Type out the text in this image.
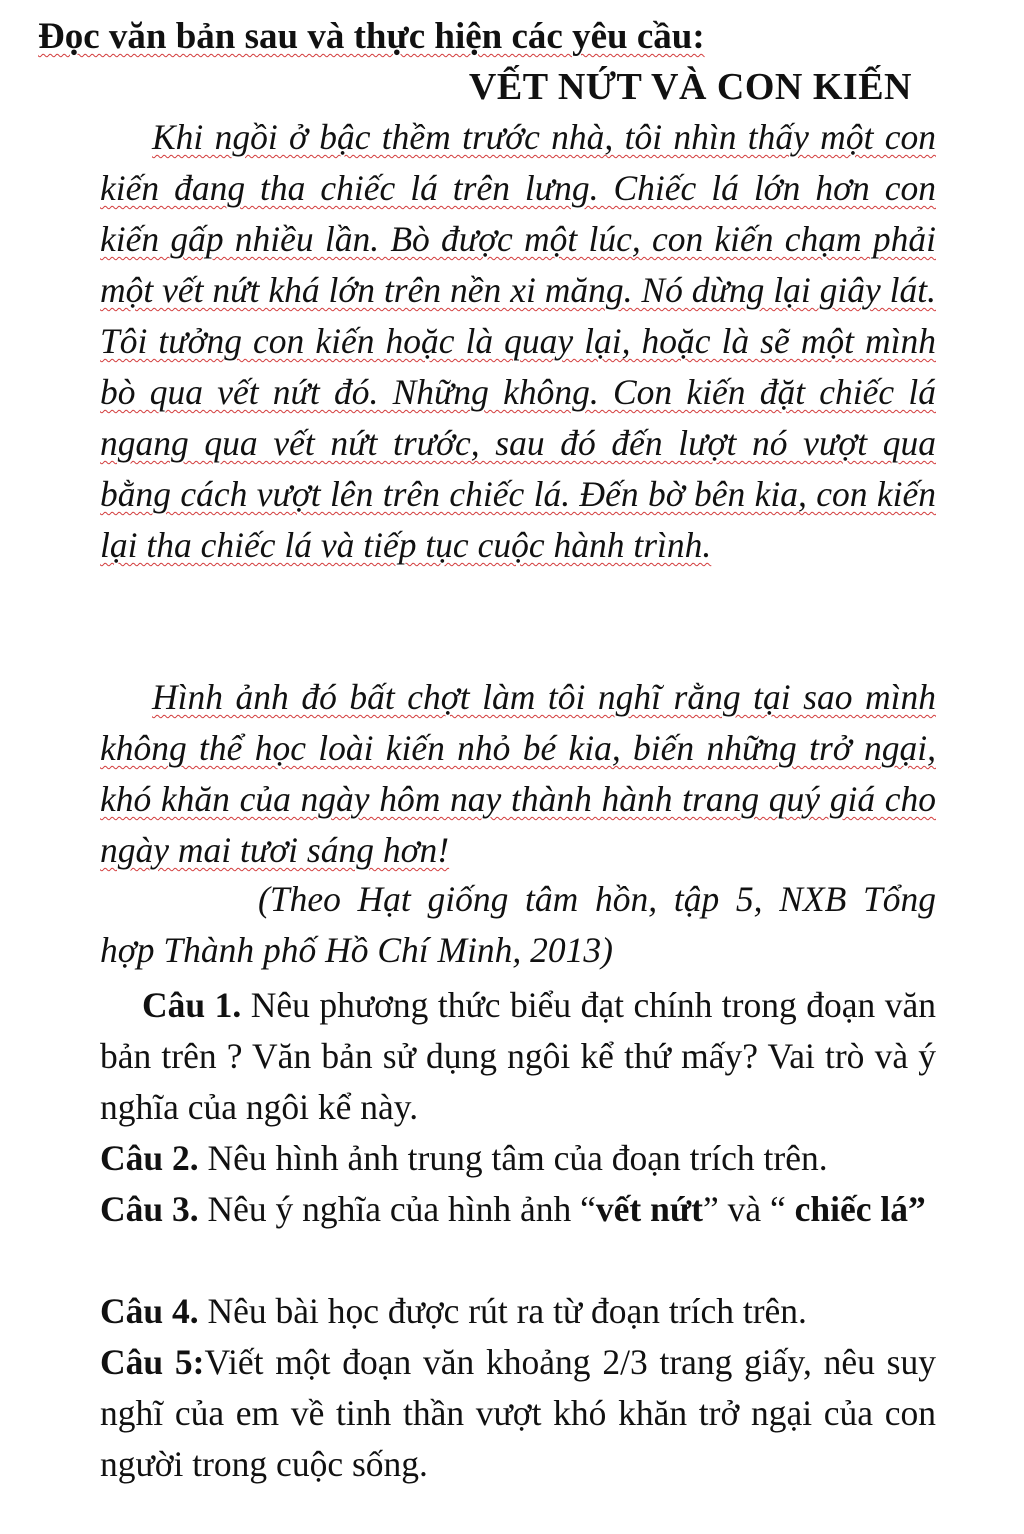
Đọc văn bản sau và thực hiện các yêu cầu:
VẾT NỨT VÀ CON KIẾN

Khi ngồi ở bậc thềm trước nhà, tôi nhìn thấy một con kiến đang tha chiếc lá trên lưng. Chiếc lá lớn hơn con kiến gấp nhiều lần. Bò được một lúc, con kiến chạm phải một vết nứt khá lớn trên nền xi măng. Nó dừng lại giây lát. Tôi tưởng con kiến hoặc là quay lại, hoặc là sẽ một mình bò qua vết nứt đó. Những không. Con kiến đặt chiếc lá ngang qua vết nứt trước, sau đó đến lượt nó vượt qua bằng cách vượt lên trên chiếc lá. Đến bờ bên kia, con kiến lại tha chiếc lá và tiếp tục cuộc hành trình.

Hình ảnh đó bất chợt làm tôi nghĩ rằng tại sao mình không thể học loài kiến nhỏ bé kia, biến những trở ngại, khó khăn của ngày hôm nay thành hành trang quý giá cho ngày mai tươi sáng hơn!

(Theo Hạt giống tâm hồn, tập 5, NXB Tổng hợp Thành phố Hồ Chí Minh, 2013)

Câu 1. Nêu phương thức biểu đạt chính trong đoạn văn bản trên ? Văn bản sử dụng ngôi kể thứ mấy? Vai trò và ý nghĩa của ngôi kể này.

Câu 2. Nêu hình ảnh trung tâm của đoạn trích trên.

Câu 3. Nêu ý nghĩa của hình ảnh “vết nứt” và “ chiếc lá”

Câu 4. Nêu bài học được rút ra từ đoạn trích trên.

Câu 5:Viết một đoạn văn khoảng 2/3 trang giấy, nêu suy nghĩ của em về tinh thần vượt khó khăn trở ngại của con người trong cuộc sống.
